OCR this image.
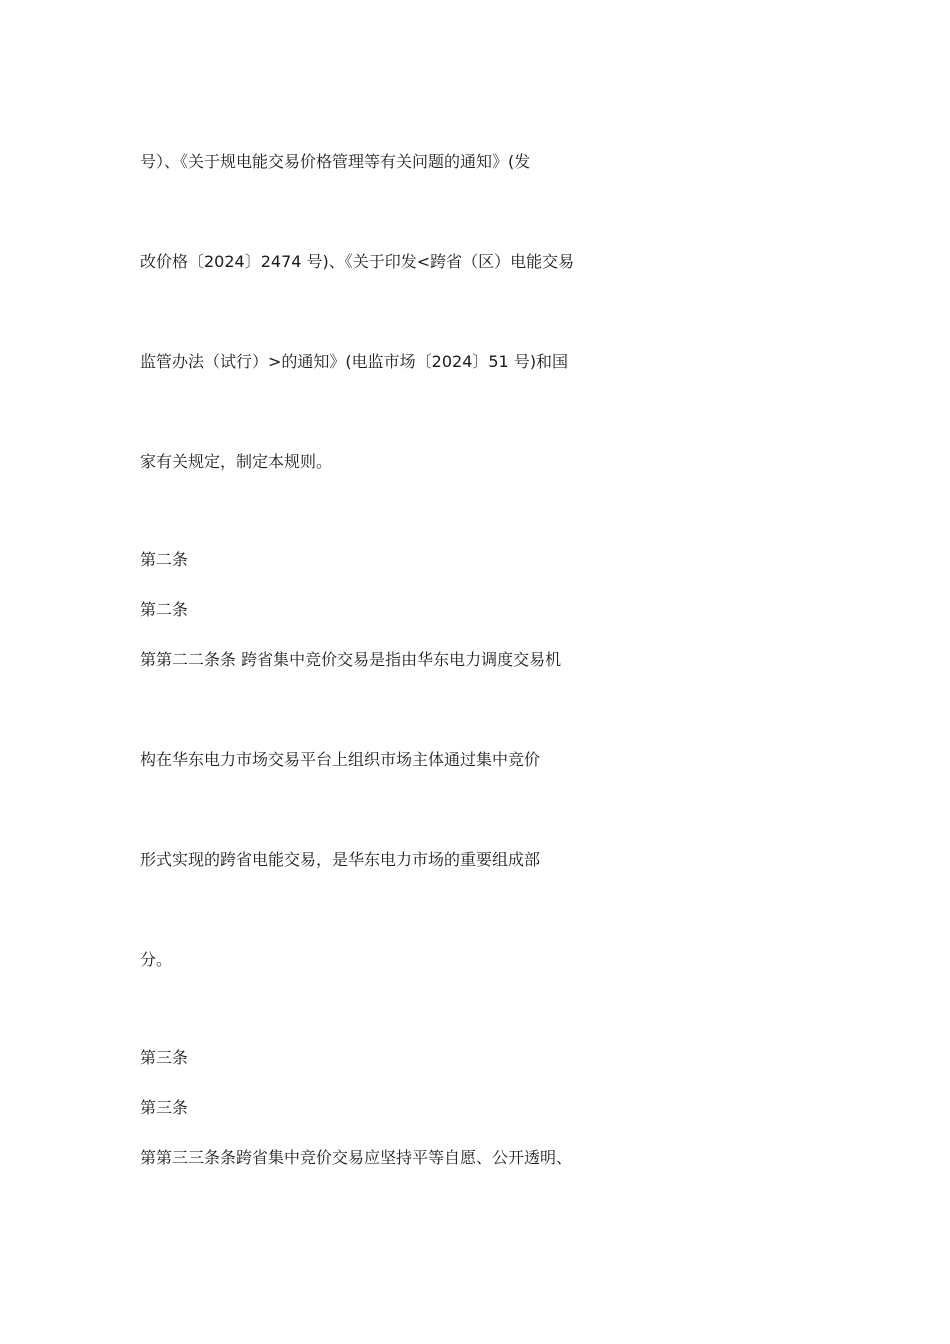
号）、《关于规电能交易价格管理等有关问题的通知》(发
改价格〔2024〕2474 号)、《关于印发<跨省（区）电能交易
监管办法（试行）>的通知》(电监市场〔2024〕51 号)和国
家有关规定，制定本规则。
第二条
第二条
第第二二条条 跨省集中竞价交易是指由华东电力调度交易机
构在华东电力市场交易平台上组织市场主体通过集中竞价
形式实现的跨省电能交易，是华东电力市场的重要组成部
分。
第三条
第三条
第第三三条条跨省集中竞价交易应坚持平等自愿、公开透明、
